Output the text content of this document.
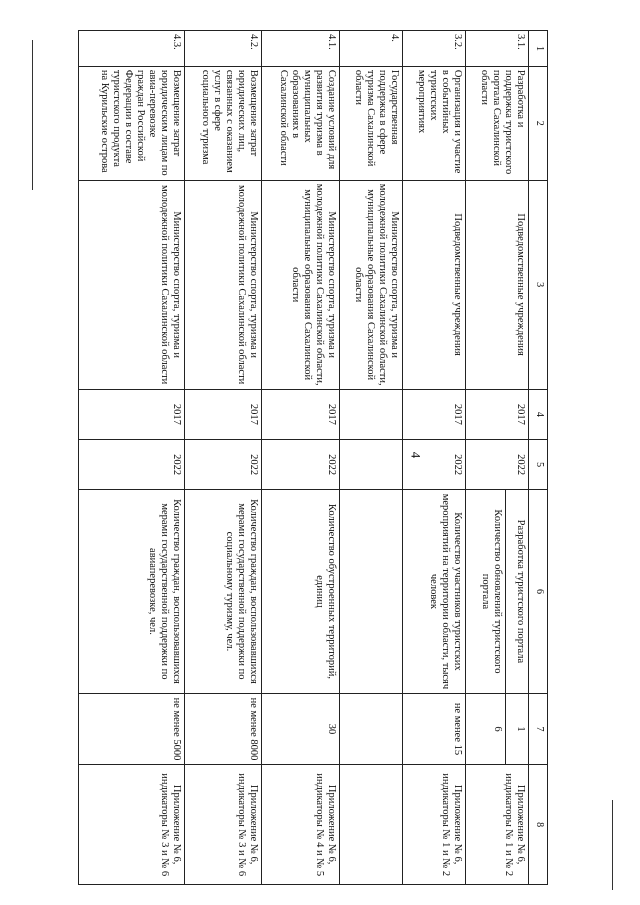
4
1	2	3	4	5	6	7	8
3.1.	Разработка и поддержка туристского портала Сахалинской области	Подведомственные учреждения	2017	2022	Разработка туристского портала	1	Приложение № 6, индикаторы № 1 и № 2
					Количество обновлений туристского портала	6	
3.2.	Организация и участие в событийных туристских мероприятиях	Подведомственные учреждения	2017	2022	Количество участников туристских мероприятий на территории области, тысяч человек	не менее 15	Приложение № 6, индикаторы № 1 и № 2
4.	Государственная поддержка в сфере туризма Сахалинской области	Министерство спорта, туризма и молодежной политики Сахалинской области, муниципальные образования Сахалинской области					
4.1.	Создание условий для развития туризма в муниципальных образованиях в Сахалинской области	Министерство спорта, туризма и молодежной политики Сахалинской области, муниципальные образования Сахалинской области	2017	2022	Количество обустроенных территорий, единиц	30	Приложение № 6, индикаторы № 4 и № 5
4.2.	Возмещение затрат юридических лиц, связанных с оказанием услуг в сфере социального туризма	Министерство спорта, туризма и молодежной политики Сахалинской области	2017	2022	Количество граждан, воспользовавшихся мерами государственной поддержки по социальному туризму, чел.	не менее 8000	Приложение № 6, индикаторы № 3 и № 6
4.3.	Возмещение затрат юридическим лицам по авиа-перевозке граждан Российской Федерации в составе туристского продукта на Курильские острова	Министерство спорта, туризма и молодежной политики Сахалинской области	2017	2022	Количество граждан, воспользовавшихся мерами государственной поддержки по авиаперевозке, чел.	не менее 5000	Приложение № 6, индикаторы № 3 и № 6
